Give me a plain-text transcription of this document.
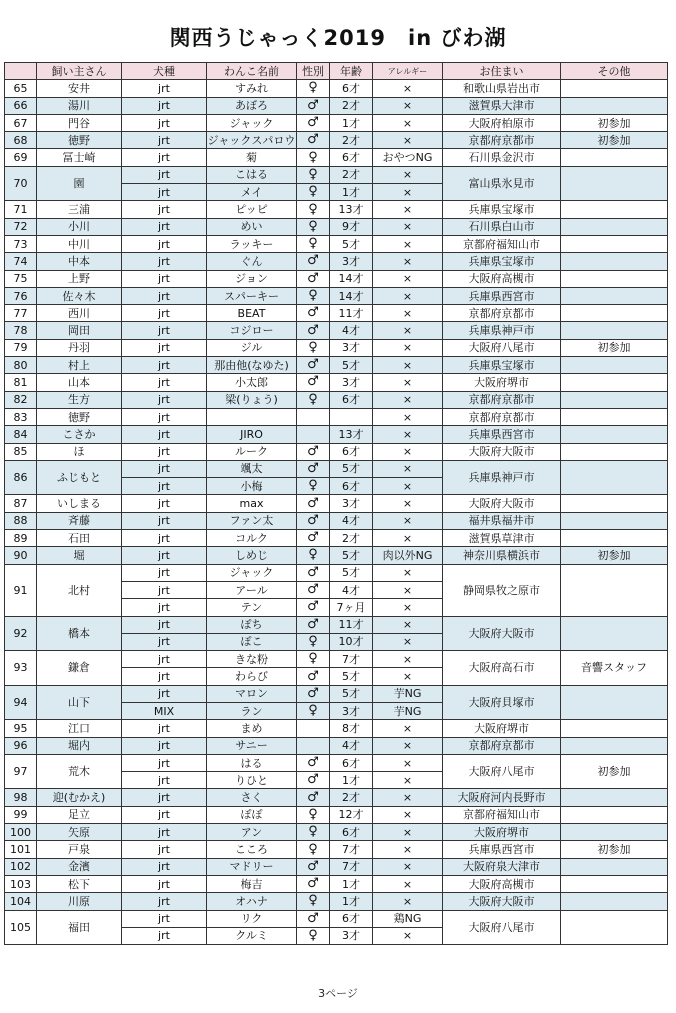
関西うじゃっく2019　in びわ湖
	飼い主さん	犬種	わんこ名前	性別	年齢	アレルギー	お住まい	その他
65	安井	jrt	すみれ	♀	6才	×	和歌山県岩出市	
66	湯川	jrt	あぼろ	♂	2才	×	滋賀県大津市	
67	門谷	jrt	ジャック	♂	1才	×	大阪府柏原市	初参加
68	徳野	jrt	ジャックスパロウ	♂	2才	×	京都府京都市	初参加
69	冨士崎	jrt	菊	♀	6才	おやつNG	石川県金沢市	
70	園	jrt	こはる	♀	2才	×	富山県氷見市	
		jrt	メイ	♀	1才	×		
71	三浦	jrt	ピッピ	♀	13才	×	兵庫県宝塚市	
72	小川	jrt	めい	♀	9才	×	石川県白山市	
73	中川	jrt	ラッキー	♀	5才	×	京都府福知山市	
74	中本	jrt	ぐん	♂	3才	×	兵庫県宝塚市	
75	上野	jrt	ジョン	♂	14才	×	大阪府高槻市	
76	佐々木	jrt	スパーキー	♀	14才	×	兵庫県西宮市	
77	西川	jrt	BEAT	♂	11才	×	京都府京都市	
78	岡田	jrt	コジロー	♂	4才	×	兵庫県神戸市	
79	丹羽	jrt	ジル	♀	3才	×	大阪府八尾市	初参加
80	村上	jrt	那由他(なゆた)	♂	5才	×	兵庫県宝塚市	
81	山本	jrt	小太郎	♂	3才	×	大阪府堺市	
82	生方	jrt	梁(りょう)	♀	6才	×	京都府京都市	
83	徳野	jrt				×	京都府京都市	
84	こさか	jrt	JIRO		13才	×	兵庫県西宮市	
85	ほ	jrt	ルーク	♂	6才	×	大阪府大阪市	
86	ふじもと	jrt	颯太	♂	5才	×	兵庫県神戸市	
		jrt	小梅	♀	6才	×		
87	いしまる	jrt	max	♂	3才	×	大阪府大阪市	
88	斉藤	jrt	ファン太	♂	4才	×	福井県福井市	
89	石田	jrt	コルク	♂	2才	×	滋賀県草津市	
90	堀	jrt	しめじ	♀	5才	肉以外NG	神奈川県横浜市	初参加
91	北村	jrt	ジャック	♂	5才	×	静岡県牧之原市	
		jrt	アール	♂	4才	×		
		jrt	テン	♂	7ヶ月	×		
92	橋本	jrt	ぽち	♂	11才	×	大阪府大阪市	
		jrt	ぽこ	♀	10才	×		
93	鎌倉	jrt	きな粉	♀	7才	×	大阪府高石市	音響スタッフ
		jrt	わらび	♂	5才	×		
94	山下	jrt	マロン	♂	5才	芋NG	大阪府貝塚市	
		MIX	ラン	♀	3才	芋NG		
95	江口	jrt	まめ		8才	×	大阪府堺市	
96	堀内	jrt	サニー		4才	×	京都府京都市	
97	荒木	jrt	はる	♂	6才	×	大阪府八尾市	初参加
		jrt	りひと	♂	1才	×		
98	迎(むかえ)	jrt	さく	♂	2才	×	大阪府河内長野市	
99	足立	jrt	ぽぽ	♀	12才	×	京都府福知山市	
100	矢原	jrt	アン	♀	6才	×	大阪府堺市	
101	戸泉	jrt	こころ	♀	7才	×	兵庫県西宮市	初参加
102	金濱	jrt	マドリー	♂	7才	×	大阪府泉大津市	
103	松下	jrt	梅吉	♂	1才	×	大阪府高槻市	
104	川原	jrt	オハナ	♀	1才	×	大阪府大阪市	
105	福田	jrt	リク	♂	6才	鶏NG	大阪府八尾市	
		jrt	クルミ	♀	3才	×		
3ページ
